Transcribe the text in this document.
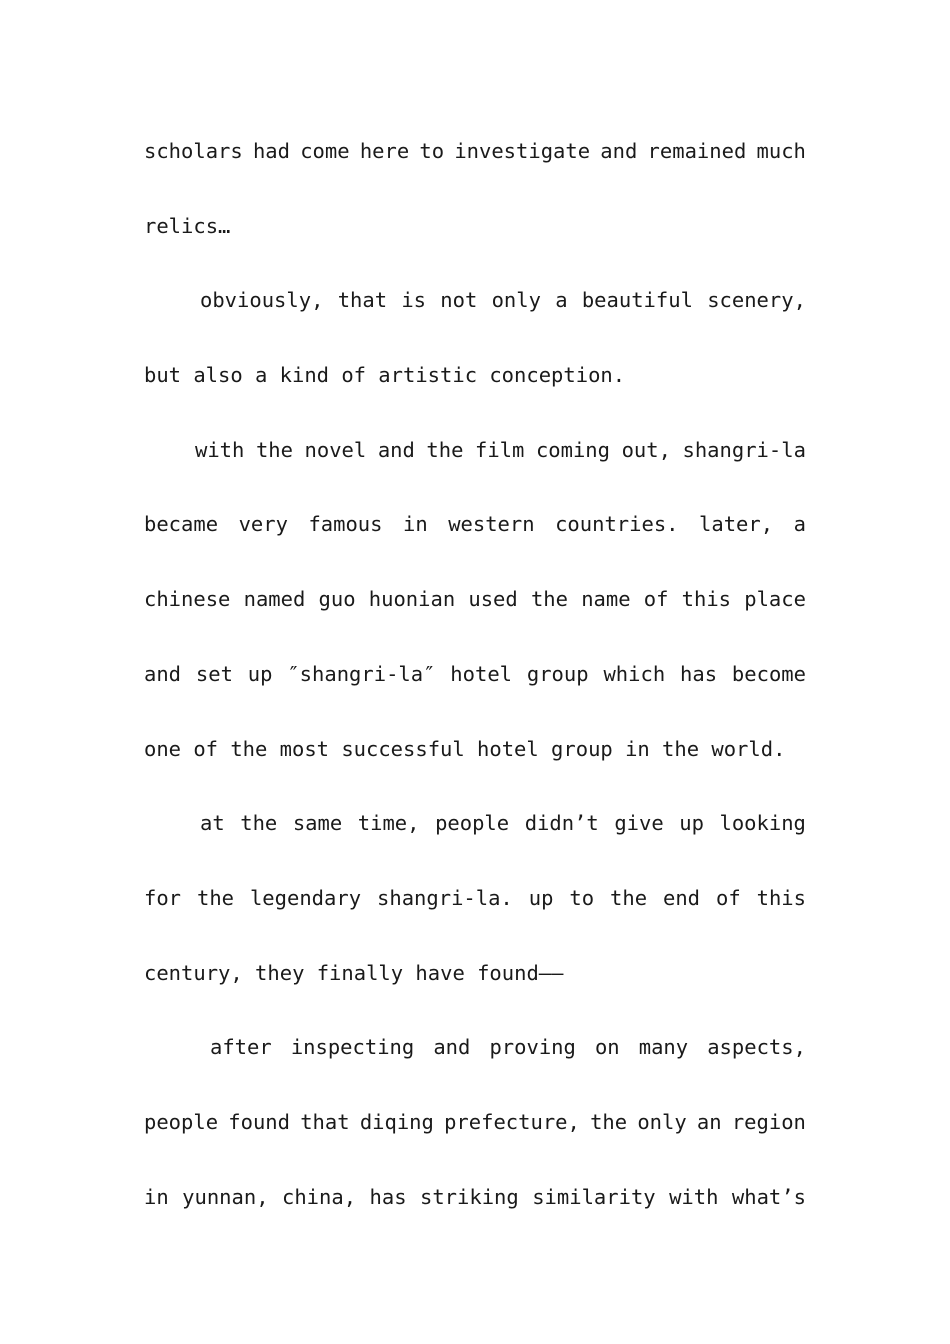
scholars had come here to investigate and remained much
relics…
obviously, that is not only a beautiful scenery,
but also a kind of artistic conception.
with the novel and the film coming out, shangri-la
became very famous in western countries. later, a
chinese named guo huonian used the name of this place
and set up ″shangri-la″ hotel group which has become
one of the most successful hotel group in the world.
at the same time, people didn’t give up looking
for the legendary shangri-la. up to the end of this
century, they finally have found——
after inspecting and proving on many aspects,
people found that diqing prefecture, the only an region
in yunnan, china, has striking similarity with what’s
